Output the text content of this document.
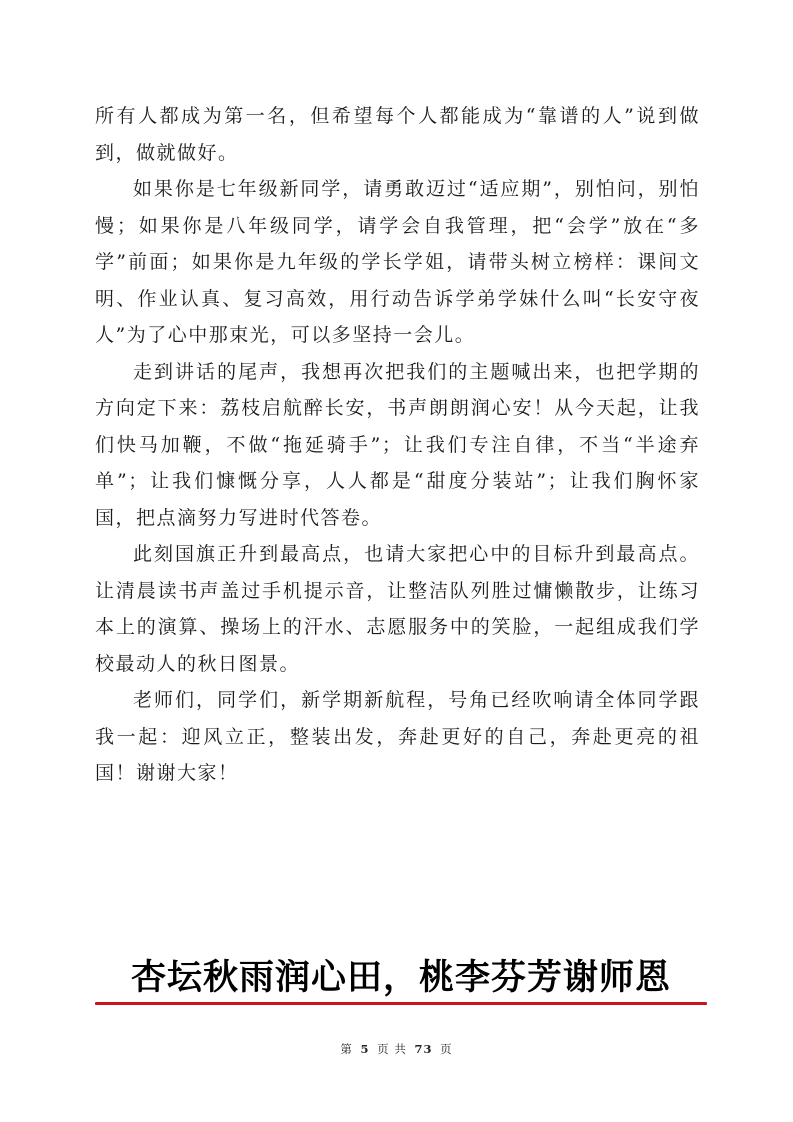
所有人都成为第一名，但希望每个人都能成为“靠谱的人”说到做到，做就做好。

如果你是七年级新同学，请勇敢迈过“适应期”，别怕问，别怕慢；如果你是八年级同学，请学会自我管理，把“会学”放在“多学”前面；如果你是九年级的学长学姐，请带头树立榜样：课间文明、作业认真、复习高效，用行动告诉学弟学妹什么叫“长安守夜人”为了心中那束光，可以多坚持一会儿。

走到讲话的尾声，我想再次把我们的主题喊出来，也把学期的方向定下来：荔枝启航醉长安，书声朗朗润心安！从今天起，让我们快马加鞭，不做“拖延骑手”；让我们专注自律，不当“半途弃单”；让我们慷慨分享，人人都是“甜度分装站”；让我们胸怀家国，把点滴努力写进时代答卷。

此刻国旗正升到最高点，也请大家把心中的目标升到最高点。让清晨读书声盖过手机提示音，让整洁队列胜过慵懒散步，让练习本上的演算、操场上的汗水、志愿服务中的笑脸，一起组成我们学校最动人的秋日图景。

老师们，同学们，新学期新航程，号角已经吹响请全体同学跟我一起：迎风立正，整装出发，奔赴更好的自己，奔赴更亮的祖国！谢谢大家！

杏坛秋雨润心田，桃李芬芳谢师恩
第 5 页 共 73 页
